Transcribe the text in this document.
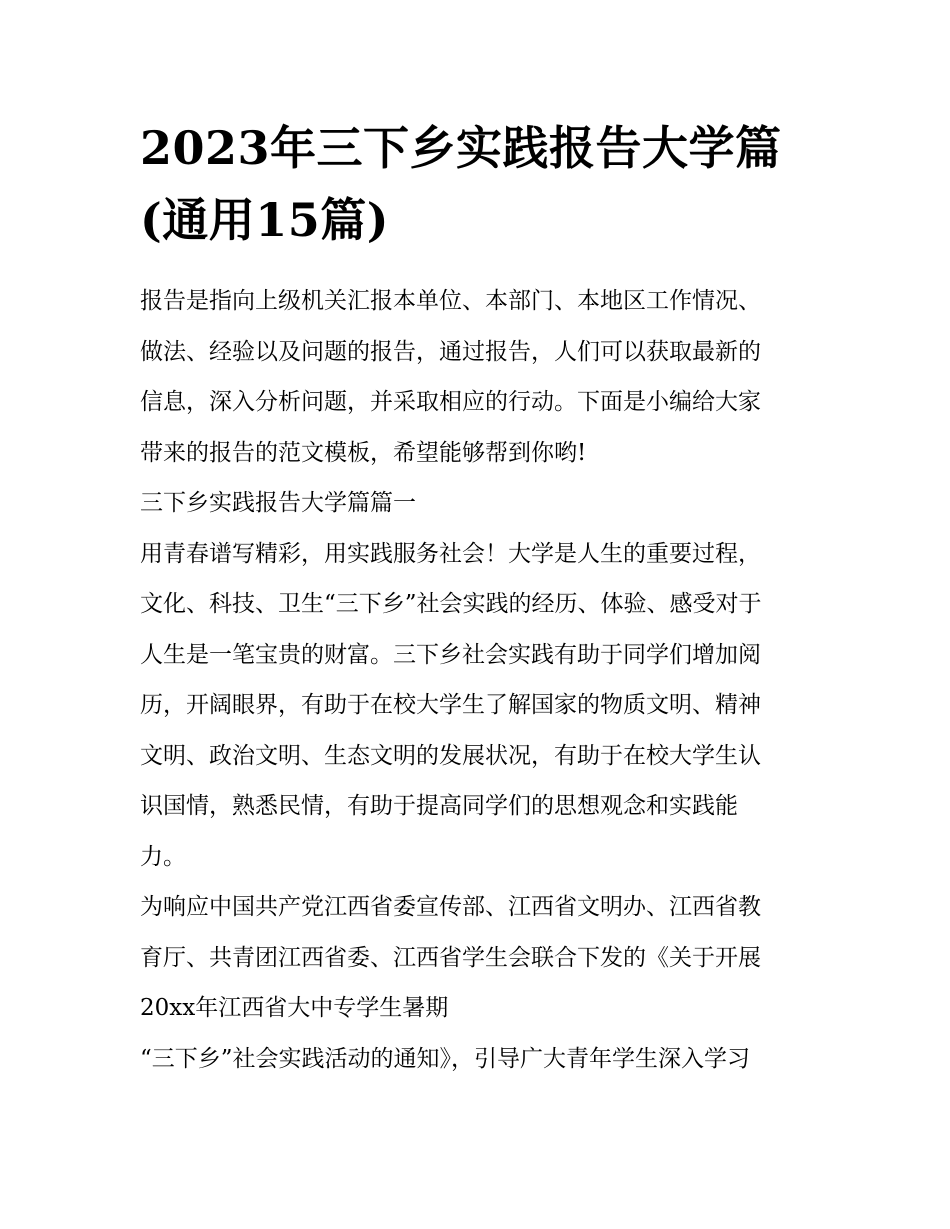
2023年三下乡实践报告大学篇
(通用15篇)

报告是指向上级机关汇报本单位、本部门、本地区工作情况、
做法、经验以及问题的报告，通过报告，人们可以获取最新的
信息，深入分析问题，并采取相应的行动。下面是小编给大家
带来的报告的范文模板，希望能够帮到你哟!

三下乡实践报告大学篇篇一

用青春谱写精彩，用实践服务社会！大学是人生的重要过程，
文化、科技、卫生“三下乡”社会实践的经历、体验、感受对于
人生是一笔宝贵的财富。三下乡社会实践有助于同学们增加阅
历，开阔眼界，有助于在校大学生了解国家的物质文明、精神
文明、政治文明、生态文明的发展状况，有助于在校大学生认
识国情，熟悉民情，有助于提高同学们的思想观念和实践能
力。

为响应中国共产党江西省委宣传部、江西省文明办、江西省教
育厅、共青团江西省委、江西省学生会联合下发的《关于开展
20xx年江西省大中专学生暑期

“三下乡”社会实践活动的通知》，引导广大青年学生深入学习
